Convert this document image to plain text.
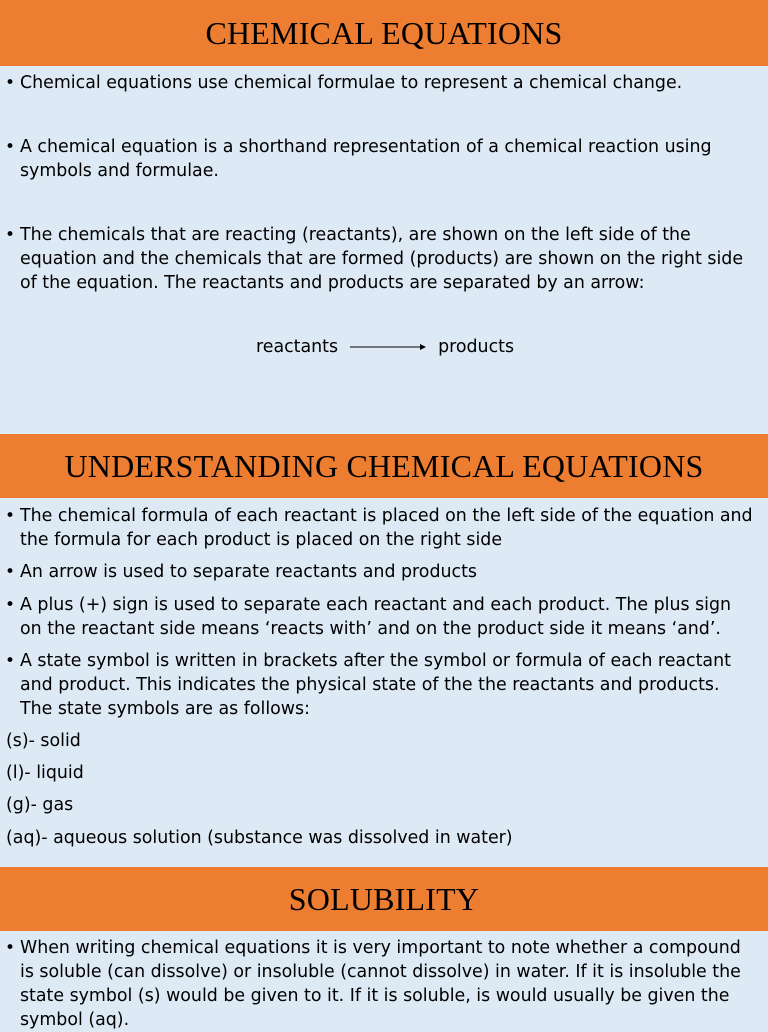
CHEMICAL EQUATIONS
• Chemical equations use chemical formulae to represent a chemical change.
• A chemical equation is a shorthand representation of a chemical reaction using symbols and formulae.
• The chemicals that are reacting (reactants), are shown on the left side of the equation and the chemicals that are formed (products) are shown on the right side of the equation. The reactants and products are separated by an arrow:
reactants	products
UNDERSTANDING CHEMICAL EQUATIONS
• The chemical formula of each reactant is placed on the left side of the equation and the formula for each product is placed on the right side
• An arrow is used to separate reactants and products
• A plus (+) sign is used to separate each reactant and each product. The plus sign on the reactant side means ‘reacts with’ and on the product side it means ‘and’.
• A state symbol is written in brackets after the symbol or formula of each reactant and product. This indicates the physical state of the the reactants and products. The state symbols are as follows:
(s)- solid
(l)- liquid
(g)- gas
(aq)- aqueous solution (substance was dissolved in water)
SOLUBILITY
• When writing chemical equations it is very important to note whether a compound is soluble (can dissolve) or insoluble (cannot dissolve) in water. If it is insoluble the state symbol (s) would be given to it. If it is soluble, is would usually be given the symbol (aq).
